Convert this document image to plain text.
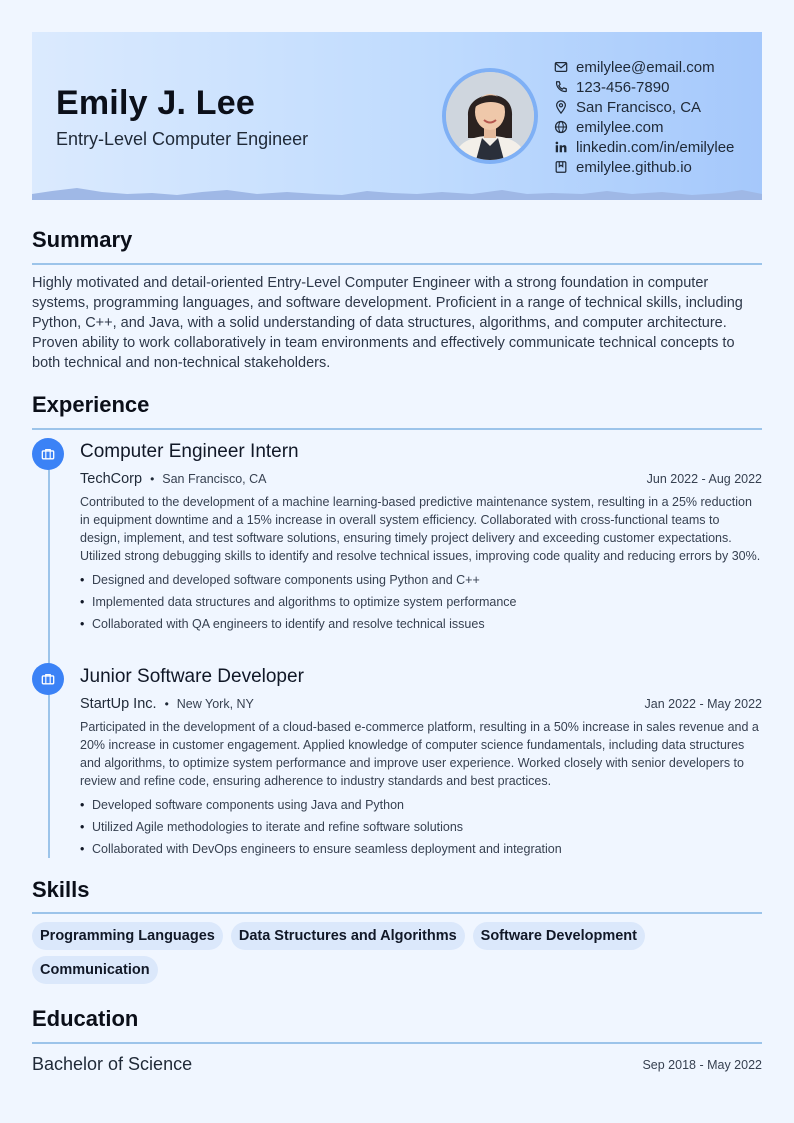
Emily J. Lee
Entry-Level Computer Engineer
emilylee@email.com
123-456-7890
San Francisco, CA
emilylee.com
linkedin.com/in/emilylee
emilylee.github.io
Summary
Highly motivated and detail-oriented Entry-Level Computer Engineer with a strong foundation in computer systems, programming languages, and software development. Proficient in a range of technical skills, including Python, C++, and Java, with a solid understanding of data structures, algorithms, and computer architecture. Proven ability to work collaboratively in team environments and effectively communicate technical concepts to both technical and non-technical stakeholders.
Experience
Computer Engineer Intern
TechCorp • San Francisco, CA	Jun 2022 - Aug 2022
Contributed to the development of a machine learning-based predictive maintenance system, resulting in a 25% reduction in equipment downtime and a 15% increase in overall system efficiency. Collaborated with cross-functional teams to design, implement, and test software solutions, ensuring timely project delivery and exceeding customer expectations. Utilized strong debugging skills to identify and resolve technical issues, improving code quality and reducing errors by 30%.
• Designed and developed software components using Python and C++
• Implemented data structures and algorithms to optimize system performance
• Collaborated with QA engineers to identify and resolve technical issues
Junior Software Developer
StartUp Inc. • New York, NY	Jan 2022 - May 2022
Participated in the development of a cloud-based e-commerce platform, resulting in a 50% increase in sales revenue and a 20% increase in customer engagement. Applied knowledge of computer science fundamentals, including data structures and algorithms, to optimize system performance and improve user experience. Worked closely with senior developers to review and refine code, ensuring adherence to industry standards and best practices.
• Developed software components using Java and Python
• Utilized Agile methodologies to iterate and refine software solutions
• Collaborated with DevOps engineers to ensure seamless deployment and integration
Skills
Programming Languages	Data Structures and Algorithms	Software Development
Communication
Education
Bachelor of Science	Sep 2018 - May 2022
